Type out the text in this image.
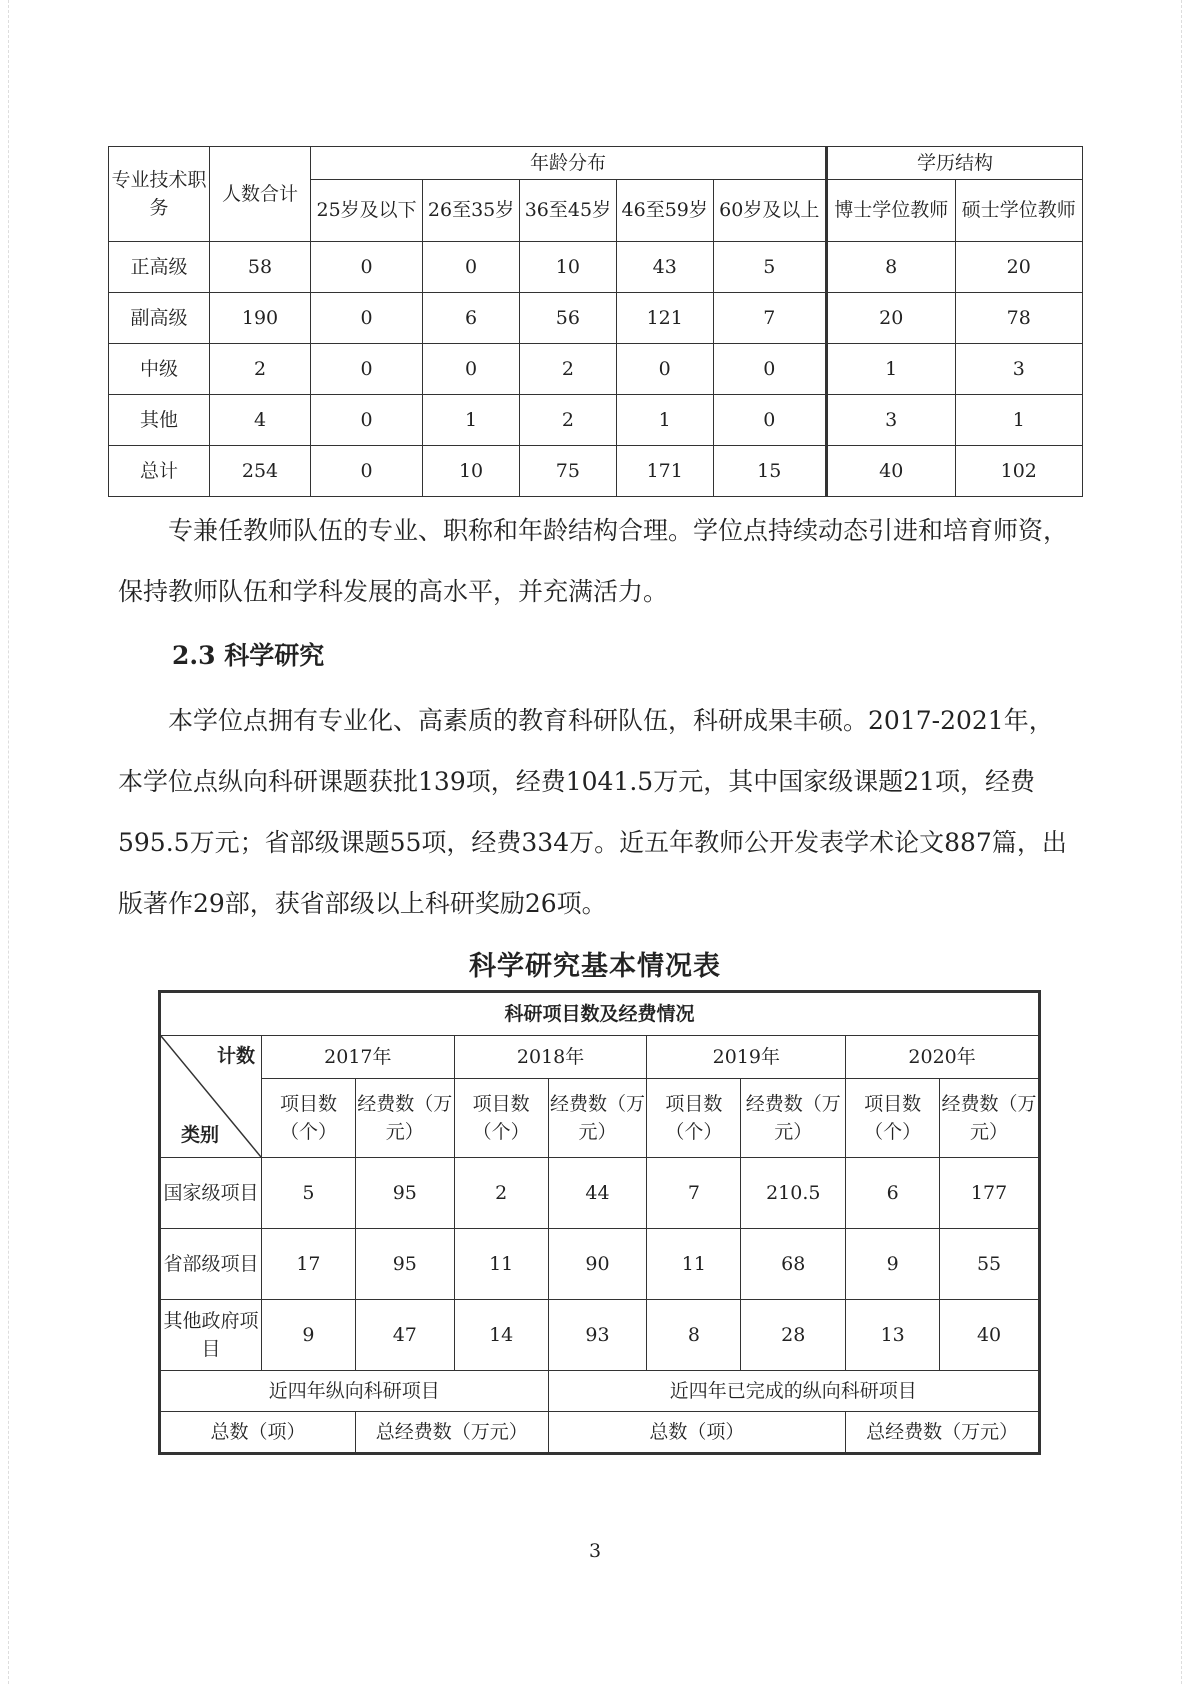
专业技术职务	人数合计	年龄分布					学历结构	
		25岁及以下	26至35岁	36至45岁	46至59岁	60岁及以上	博士学位教师	硕士学位教师
正高级	58	0	0	10	43	5	8	20
副高级	190	0	6	56	121	7	20	78
中级	2	0	0	2	0	0	1	3
其他	4	0	1	2	1	0	3	1
总计	254	0	10	75	171	15	40	102

专兼任教师队伍的专业、职称和年龄结构合理。学位点持续动态引进和培育师资，保持教师队伍和学科发展的高水平，并充满活力。

2.3 科学研究

本学位点拥有专业化、高素质的教育科研队伍，科研成果丰硕。2017-2021年，本学位点纵向科研课题获批139项，经费1041.5万元，其中国家级课题21项，经费595.5万元；省部级课题55项，经费334万。近五年教师公开发表学术论文887篇，出版著作29部，获省部级以上科研奖励26项。

科学研究基本情况表
科研项目数及经费情况								

计数
类别	2017年		2018年		2019年		2020年	
	项目数（个）	经费数（万元）	项目数（个）	经费数（万元）	项目数（个）	经费数（万元）	项目数（个）	经费数（万元）
国家级项目	5	95	2	44	7	210.5	6	177
省部级项目	17	95	11	90	11	68	9	55
其他政府项目	9	47	14	93	8	28	13	40
近四年纵向科研项目				近四年已完成的纵向科研项目				
总数（项）		总经费数（万元）		总数（项）			总经费数（万元）	

3
